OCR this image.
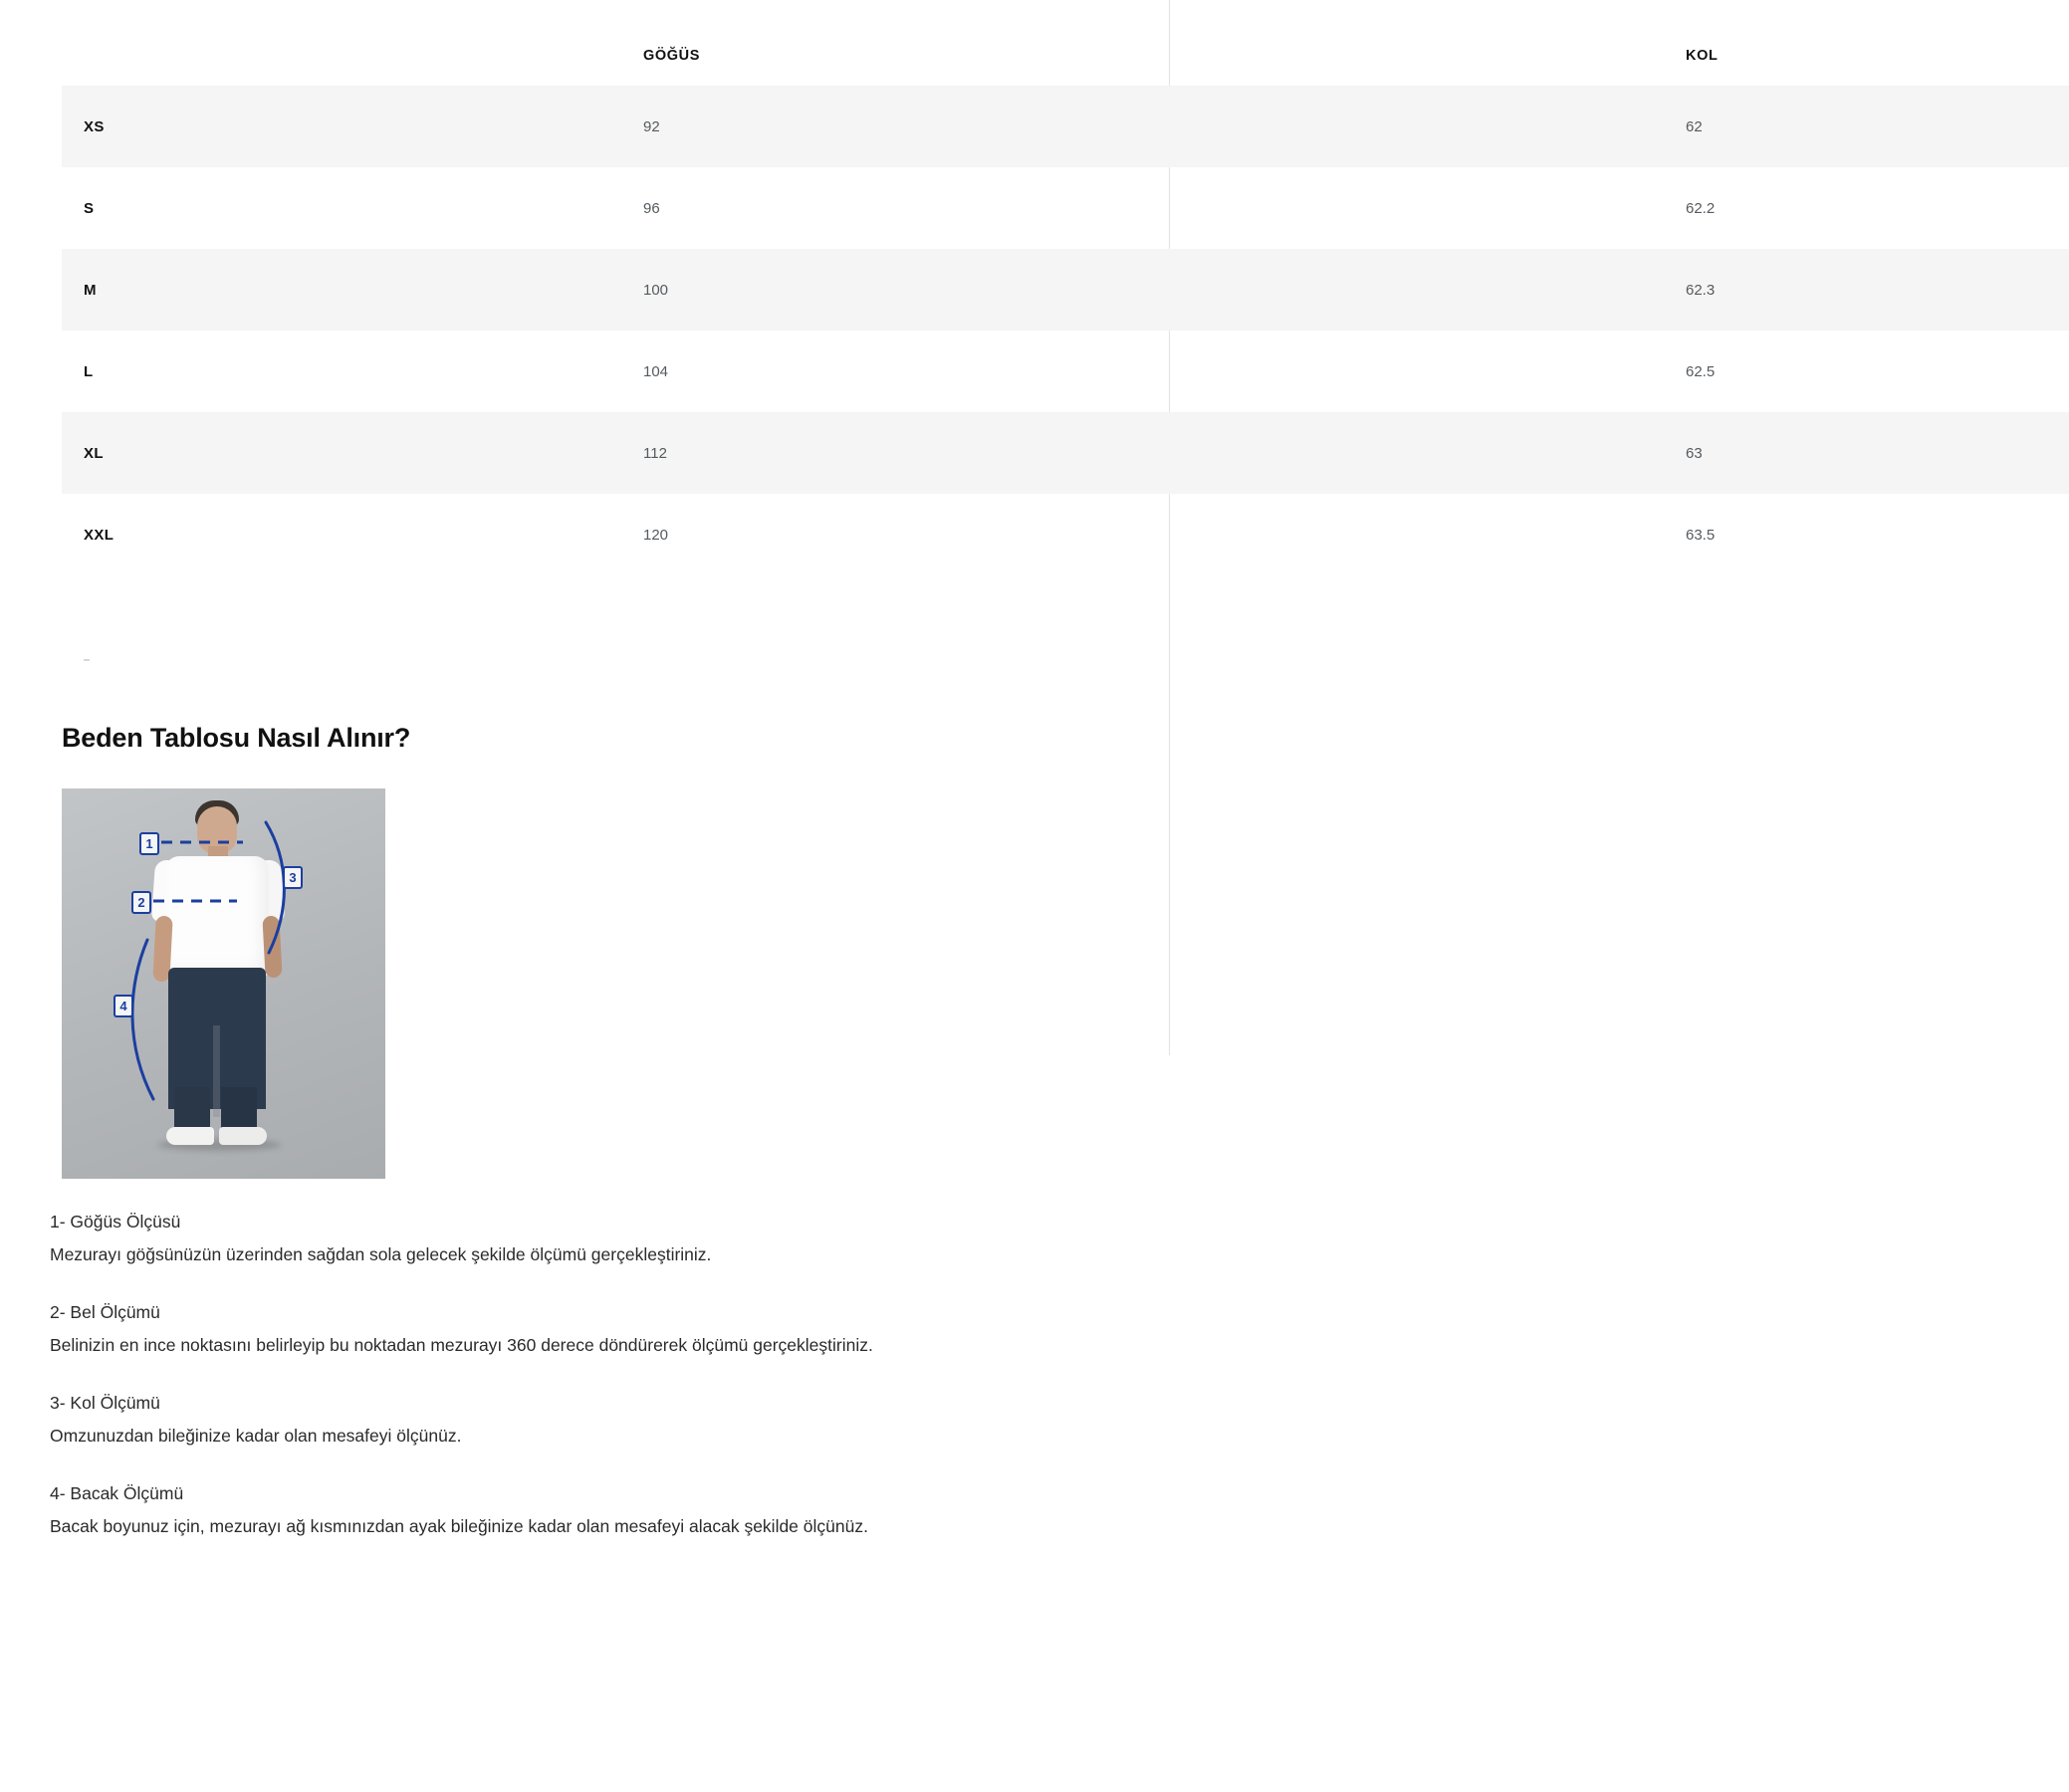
	GÖĞÜS	KOL
XS	92	62
S	96	62.2
M	100	62.3
L	104	62.5
XL	112	63
XXL	120	63.5
Beden Tablosu Nasıl Alınır?
1
2
3
4
1- Göğüs Ölçüsü
Mezurayı göğsünüzün üzerinden sağdan sola gelecek şekilde ölçümü gerçekleştiriniz.
2- Bel Ölçümü
Belinizin en ince noktasını belirleyip bu noktadan mezurayı 360 derece döndürerek ölçümü gerçekleştiriniz.
3- Kol Ölçümü
Omzunuzdan bileğinize kadar olan mesafeyi ölçünüz.
4- Bacak Ölçümü
Bacak boyunuz için, mezurayı ağ kısmınızdan ayak bileğinize kadar olan mesafeyi alacak şekilde ölçünüz.
